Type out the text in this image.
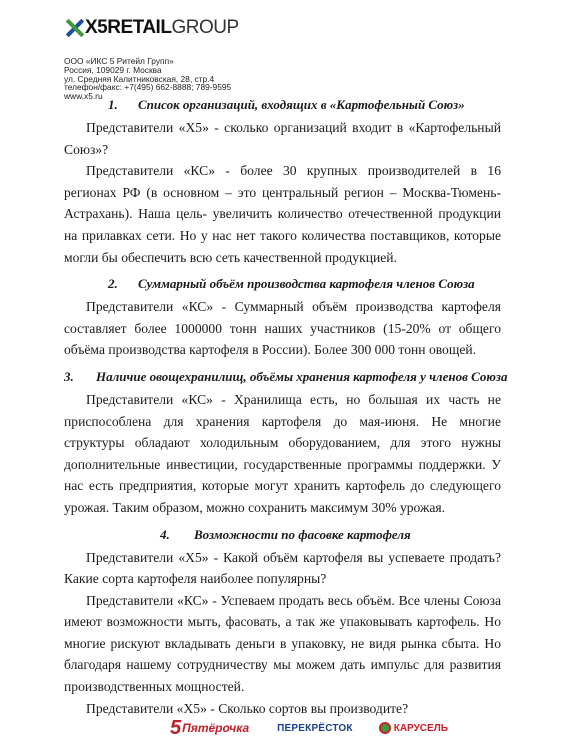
X5 RETAIL GROUP
ООО «ИКС 5 Ритейл Групп»
Россия, 109029 г. Москва
ул. Средняя Калитниковская, 28, стр.4
телефон/факс: +7(495) 662-8888; 789-9595
www.x5.ru
1. Список организаций, входящих в «Картофельный Союз»

Представители «Х5» - сколько организаций входит в «Картофельный Союз»?

Представители «КС» - более 30 крупных производителей в 16 регионах РФ (в основном – это центральный регион – Москва-Тюмень-Астрахань). Наша цель- увеличить количество отечественной продукции на прилавках сети. Но у нас нет такого количества поставщиков, которые могли бы обеспечить всю сеть качественной продукцией.

2. Суммарный объём производства картофеля членов Союза

Представители «КС» - Суммарный объём производства картофеля составляет более 1000000 тонн наших участников (15-20% от общего объёма производства картофеля в России). Более 300 000 тонн овощей.

3. Наличие овощехранилищ, объёмы хранения картофеля у членов Союза

Представители «КС» - Хранилища есть, но большая их часть не приспособлена для хранения картофеля до мая-июня. Не многие структуры обладают холодильным оборудованием, для этого нужны дополнительные инвестиции, государственные программы поддержки. У нас есть предприятия, которые могут хранить картофель до следующего урожая. Таким образом, можно сохранить максимум 30% урожая.

4. Возможности по фасовке картофеля

Представители «Х5» - Какой объём картофеля вы успеваете продать? Какие сорта картофеля наиболее популярны?

Представители «КС» - Успеваем продать весь объём. Все члены Союза имеют возможности мыть, фасовать, а так же упаковывать картофель. Но многие рискуют вкладывать деньги в упаковку, не видя рынка сбыта. Но благодаря нашему сотрудничеству мы можем дать импульс для развития производственных мощностей.

Представители «Х5» - Сколько сортов вы производите?

5 Пятёрочка	ПЕРЕКРЁСТОК	КАРУСЕЛЬ
